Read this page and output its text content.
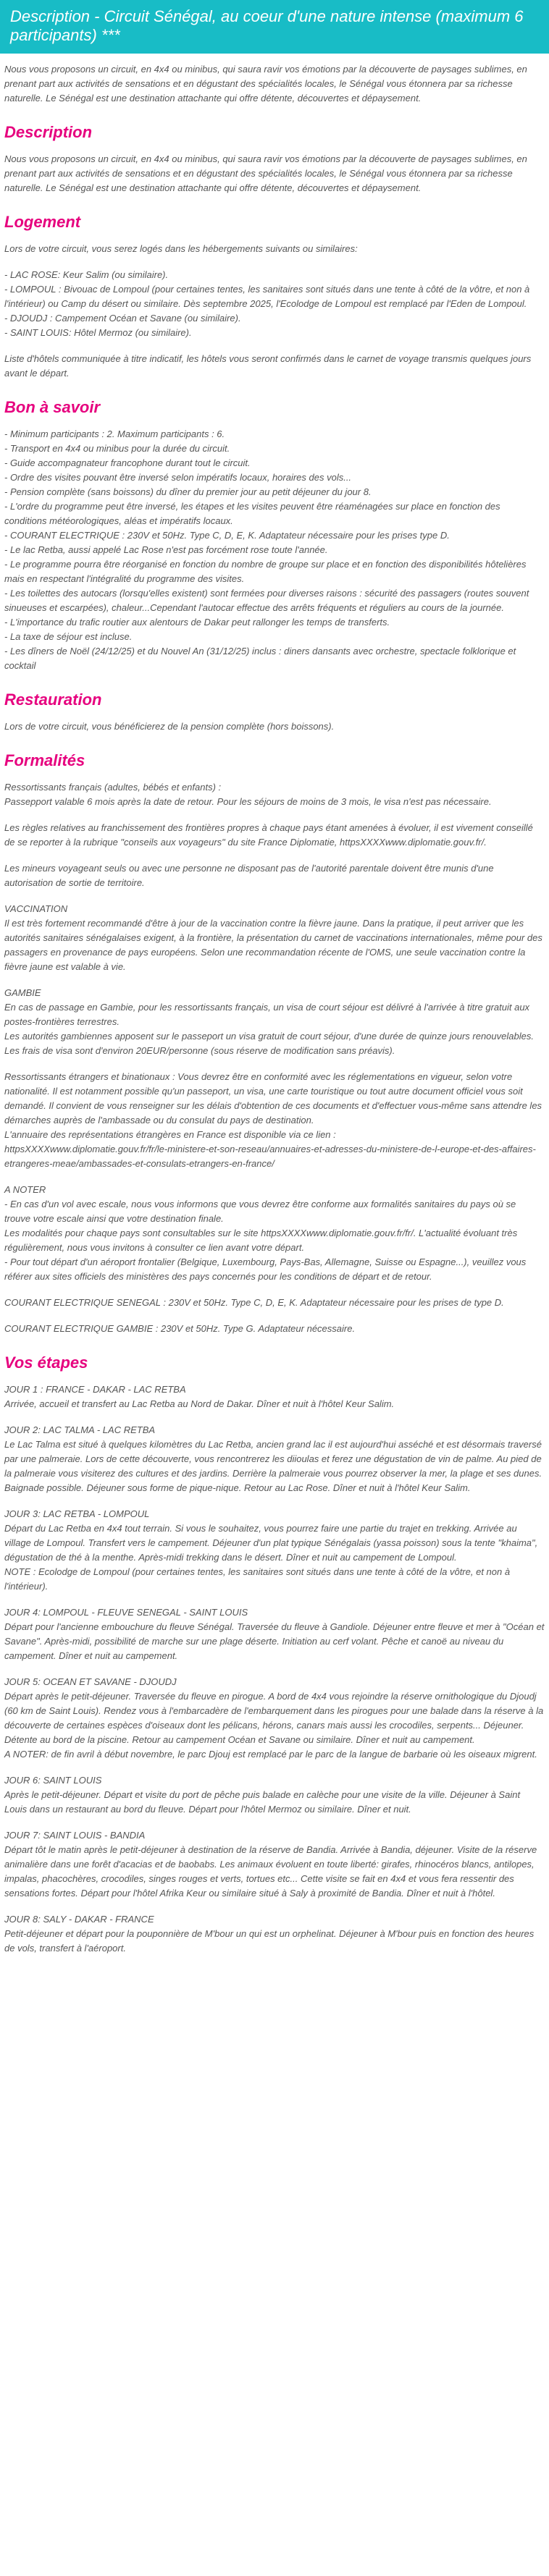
Description - Circuit Sénégal, au coeur d'une nature intense (maximum 6 participants) ***

Nous vous proposons un circuit, en 4x4 ou minibus, qui saura ravir vos émotions par la découverte de paysages sublimes, en prenant part aux activités de sensations et en dégustant des spécialités locales, le Sénégal vous étonnera par sa richesse naturelle. Le Sénégal est une destination attachante qui offre détente, découvertes et dépaysement.

Description

Nous vous proposons un circuit, en 4x4 ou minibus, qui saura ravir vos émotions par la découverte de paysages sublimes, en prenant part aux activités de sensations et en dégustant des spécialités locales, le Sénégal vous étonnera par sa richesse naturelle. Le Sénégal est une destination attachante qui offre détente, découvertes et dépaysement.

Logement

Lors de votre circuit, vous serez logés dans les hébergements suivants ou similaires:

- LAC ROSE: Keur Salim (ou similaire).
- LOMPOUL : Bivouac de Lompoul (pour certaines tentes, les sanitaires sont situés dans une tente à côté de la vôtre, et non à l'intérieur) ou Camp du désert ou similaire. Dès septembre 2025, l'Ecolodge de Lompoul est remplacé par l'Eden de Lompoul.
- DJOUDJ : Campement Océan et Savane (ou similaire).
- SAINT LOUIS: Hôtel Mermoz (ou similaire).

Liste d'hôtels communiquée à titre indicatif, les hôtels vous seront confirmés dans le carnet de voyage transmis quelques jours avant le départ.

Bon à savoir
- Minimum participants : 2. Maximum participants : 6.
- Transport en 4x4 ou minibus pour la durée du circuit.
- Guide accompagnateur francophone durant tout le circuit.
- Ordre des visites pouvant être inversé selon impératifs locaux, horaires des vols...
- Pension complète (sans boissons) du dîner du premier jour au petit déjeuner du jour 8.
- L'ordre du programme peut être inversé, les étapes et les visites peuvent être réaménagées sur place en fonction des conditions météorologiques, aléas et impératifs locaux.
- COURANT ELECTRIQUE : 230V et 50Hz. Type C, D, E, K. Adaptateur nécessaire pour les prises type D.
- Le lac Retba, aussi appelé Lac Rose n'est pas forcément rose toute l'année.
- Le programme pourra être réorganisé en fonction du nombre de groupe sur place et en fonction des disponibilités hôtelières mais en respectant l'intégralité du programme des visites.
- Les toilettes des autocars (lorsqu'elles existent) sont fermées pour diverses raisons : sécurité des passagers (routes souvent sinueuses et escarpées), chaleur...Cependant l'autocar effectue des arrêts fréquents et réguliers au cours de la journée.
- L'importance du trafic routier aux alentours de Dakar peut rallonger les temps de transferts.
- La taxe de séjour est incluse.
- Les dîners de Noël (24/12/25) et du Nouvel An (31/12/25) inclus : diners dansants avec orchestre, spectacle folklorique et cocktail
Restauration

Lors de votre circuit, vous bénéficierez de la pension complète (hors boissons).

Formalités

Ressortissants français (adultes, bébés et enfants) :
Passepport valable 6 mois après la date de retour. Pour les séjours de moins de 3 mois, le visa n'est pas nécessaire.

Les règles relatives au franchissement des frontières propres à chaque pays étant amenées à évoluer, il est vivement conseillé de se reporter à la rubrique "conseils aux voyageurs" du site France Diplomatie, httpsXXXXwww.diplomatie.gouv.fr/.

Les mineurs voyageant seuls ou avec une personne ne disposant pas de l'autorité parentale doivent être munis d'une autorisation de sortie de territoire.

VACCINATION
Il est très fortement recommandé d'être à jour de la vaccination contre la fièvre jaune. Dans la pratique, il peut arriver que les autorités sanitaires sénégalaises exigent, à la frontière, la présentation du carnet de vaccinations internationales, même pour des passagers en provenance de pays européens. Selon une recommandation récente de l'OMS, une seule vaccination contre la fièvre jaune est valable à vie.

GAMBIE
En cas de passage en Gambie, pour les ressortissants français, un visa de court séjour est délivré à l'arrivée à titre gratuit aux postes-frontières terrestres.
Les autorités gambiennes apposent sur le passeport un visa gratuit de court séjour, d'une durée de quinze jours renouvelables. Les frais de visa sont d'environ 20EUR/personne (sous réserve de modification sans préavis).

Ressortissants étrangers et binationaux : Vous devrez être en conformité avec les réglementations en vigueur, selon votre nationalité. Il est notamment possible qu'un passeport, un visa, une carte touristique ou tout autre document officiel vous soit demandé. Il convient de vous renseigner sur les délais d'obtention de ces documents et d'effectuer vous-même sans attendre les démarches auprès de l'ambassade ou du consulat du pays de destination.
L'annuaire des représentations étrangères en France est disponible via ce lien :
httpsXXXXwww.diplomatie.gouv.fr/fr/le-ministere-et-son-reseau/annuaires-et-adresses-du-ministere-de-l-europe-et-des-affaires-etrangeres-meae/ambassades-et-consulats-etrangers-en-france/

A NOTER
- En cas d'un vol avec escale, nous vous informons que vous devrez être conforme aux formalités sanitaires du pays où se trouve votre escale ainsi que votre destination finale.
Les modalités pour chaque pays sont consultables sur le site httpsXXXXwww.diplomatie.gouv.fr/fr/. L'actualité évoluant très régulièrement, nous vous invitons à consulter ce lien avant votre départ.
- Pour tout départ d'un aéroport frontalier (Belgique, Luxembourg, Pays-Bas, Allemagne, Suisse ou Espagne...), veuillez vous référer aux sites officiels des ministères des pays concernés pour les conditions de départ et de retour.

COURANT ELECTRIQUE SENEGAL : 230V et 50Hz. Type C, D, E, K. Adaptateur nécessaire pour les prises de type D.

COURANT ELECTRIQUE GAMBIE : 230V et 50Hz. Type G. Adaptateur nécessaire.

Vos étapes
JOUR 1 : FRANCE - DAKAR - LAC RETBA

Arrivée, accueil et transfert au Lac Retba au Nord de Dakar. Dîner et nuit à l'hôtel Keur Salim.

JOUR 2: LAC TALMA - LAC RETBA

Le Lac Talma est situé à quelques kilomètres du Lac Retba, ancien grand lac il est aujourd'hui asséché et est désormais traversé par une palmeraie. Lors de cette découverte, vous rencontrerez les diioulas et ferez une dégustation de vin de palme. Au pied de la palmeraie vous visiterez des cultures et des jardins. Derrière la palmeraie vous pourrez observer la mer, la plage et ses dunes. Baignade possible. Déjeuner sous forme de pique-nique. Retour au Lac Rose. Dîner et nuit à l'hôtel Keur Salim.

JOUR 3: LAC RETBA - LOMPOUL

Départ du Lac Retba en 4x4 tout terrain. Si vous le souhaitez, vous pourrez faire une partie du trajet en trekking. Arrivée au village de Lompoul. Transfert vers le campement. Déjeuner d'un plat typique Sénégalais (yassa poisson) sous la tente "khaima", dégustation de thé à la menthe. Après-midi trekking dans le désert. Dîner et nuit au campement de Lompoul.
NOTE : Ecolodge de Lompoul (pour certaines tentes, les sanitaires sont situés dans une tente à côté de la vôtre, et non à l'intérieur).

JOUR 4: LOMPOUL - FLEUVE SENEGAL - SAINT LOUIS

Départ pour l'ancienne embouchure du fleuve Sénégal. Traversée du fleuve à Gandiole. Déjeuner entre fleuve et mer à "Océan et Savane". Après-midi, possibilité de marche sur une plage déserte. Initiation au cerf volant. Pêche et canoë au niveau du campement. Dîner et nuit au campement.

JOUR 5: OCEAN ET SAVANE - DJOUDJ

Départ après le petit-déjeuner. Traversée du fleuve en pirogue. A bord de 4x4 vous rejoindre la réserve ornithologique du Djoudj (60 km de Saint Louis). Rendez vous à l'embarcadère de l'embarquement dans les pirogues pour une balade dans la réserve à la découverte de certaines espèces d'oiseaux dont les pélicans, hérons, canars mais aussi les crocodiles, serpents... Déjeuner. Détente au bord de la piscine. Retour au campement Océan et Savane ou similaire. Dîner et nuit au campement.
A NOTER: de fin avril à début novembre, le parc Djouj est remplacé par le parc de la langue de barbarie où les oiseaux migrent.

JOUR 6: SAINT LOUIS

Après le petit-déjeuner. Départ et visite du port de pêche puis balade en calèche pour une visite de la ville. Déjeuner à Saint Louis dans un restaurant au bord du fleuve. Départ pour l'hôtel Mermoz ou similaire. Dîner et nuit.

JOUR 7: SAINT LOUIS - BANDIA

Départ tôt le matin après le petit-déjeuner à destination de la réserve de Bandia. Arrivée à Bandia, déjeuner. Visite de la réserve animalière dans une forêt d'acacias et de baobabs. Les animaux évoluent en toute liberté: girafes, rhinocéros blancs, antilopes, impalas, phacochères, crocodiles, singes rouges et verts, tortues etc... Cette visite se fait en 4x4 et vous fera ressentir des sensations fortes. Départ pour l'hôtel Afrika Keur ou similaire situé à Saly à proximité de Bandia. Dîner et nuit à l'hôtel.

JOUR 8: SALY - DAKAR - FRANCE

Petit-déjeuner et départ pour la pouponnière de M'bour un qui est un orphelinat. Déjeuner à M'bour puis en fonction des heures de vols, transfert à l'aéroport.
